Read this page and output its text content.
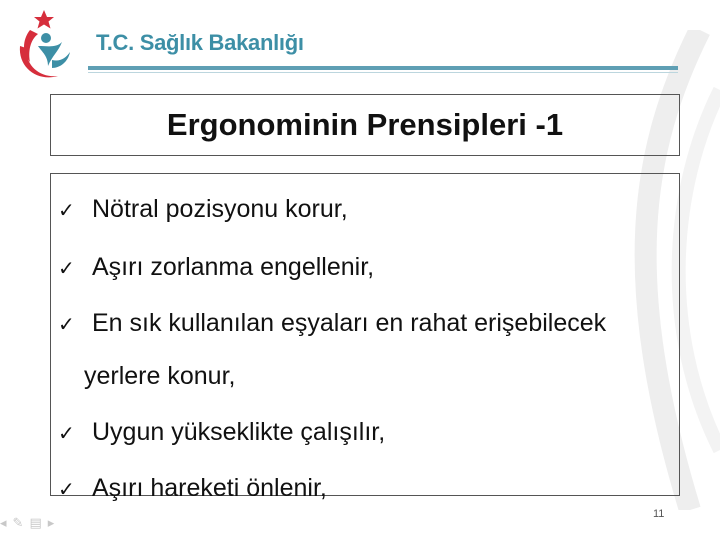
T.C. Sağlık Bakanlığı
Ergonominin Prensipleri -1
✓ Nötral pozisyonu korur,
✓ Aşırı zorlanma engellenir,
✓ En sık kullanılan eşyaları en rahat erişebilecek
yerlere konur,
✓ Uygun yükseklikte çalışılır,
✓ Aşırı hareketi önlenir,
11
◂ ✎ ▤ ▸
